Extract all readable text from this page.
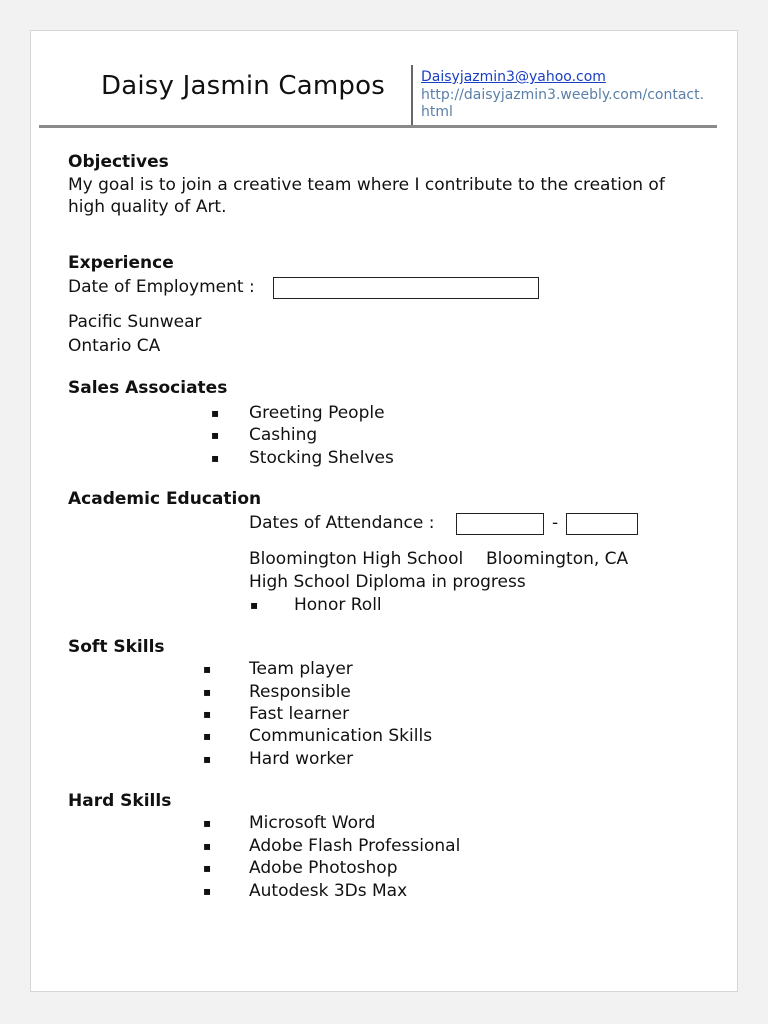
Daisy Jasmin Campos	Daisyjazmin3@yahoo.com
http://daisyjazmin3.weebly.com/contact.html
Objectives
My goal is to join a creative team where I contribute to the creation of
high quality of Art.
Experience
Date of Employment :
Pacific Sunwear
Ontario CA
Sales Associates
▪ Greeting People
▪ Cashing
▪ Stocking Shelves
Academic Education
Dates of Attendance :	-
Bloomington High School Bloomington, CA
High School Diploma in progress
▪ Honor Roll
Soft Skills
▪ Team player
▪ Responsible
▪ Fast learner
▪ Communication Skills
▪ Hard worker
Hard Skills
▪ Microsoft Word
▪ Adobe Flash Professional
▪ Adobe Photoshop
▪ Autodesk 3Ds Max
